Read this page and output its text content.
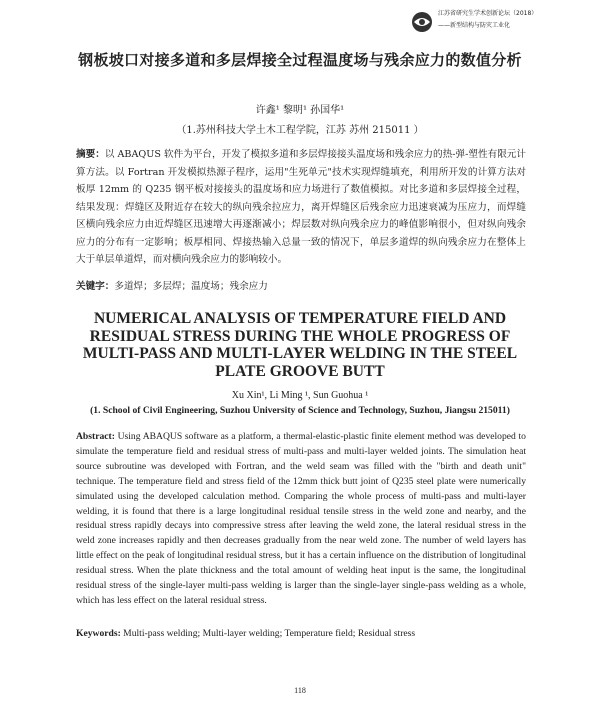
江苏省研究生学术创新论坛（2018）
——新型结构与防灾工业化
钢板坡口对接多道和多层焊接全过程温度场与残余应力的数值分析
许鑫¹ 黎明¹ 孙国华¹
（1.苏州科技大学土木工程学院，江苏 苏州 215011 ）
摘要：以 ABAQUS 软件为平台，开发了模拟多道和多层焊接接头温度场和残余应力的热-弹-塑性有限元计算方法。以 Fortran 开发模拟热源子程序，运用"生死单元"技术实现焊缝填充，利用所开发的计算方法对板厚 12mm 的 Q235 钢平板对接接头的温度场和应力场进行了数值模拟。对比多道和多层焊接全过程，结果发现：焊缝区及附近存在较大的纵向残余拉应力，离开焊缝区后残余应力迅速衰减为压应力，而焊缝区横向残余应力由近焊缝区迅速增大再逐渐减小；焊层数对纵向残余应力的峰值影响很小，但对纵向残余应力的分布有一定影响；板厚相同、焊接热输入总量一致的情况下，单层多道焊的纵向残余应力在整体上大于单层单道焊，而对横向残余应力的影响较小。
关键字：多道焊；多层焊；温度场；残余应力
NUMERICAL ANALYSIS OF TEMPERATURE FIELD AND RESIDUAL STRESS DURING THE WHOLE PROGRESS OF MULTI-PASS AND MULTI-LAYER WELDING IN THE STEEL PLATE GROOVE BUTT
Xu Xin¹, Li Ming ¹, Sun Guohua ¹
(1. School of Civil Engineering, Suzhou University of Science and Technology, Suzhou, Jiangsu 215011)
Abstract: Using ABAQUS software as a platform, a thermal-elastic-plastic finite element method was developed to simulate the temperature field and residual stress of multi-pass and multi-layer welded joints. The simulation heat source subroutine was developed with Fortran, and the weld seam was filled with the "birth and death unit" technique. The temperature field and stress field of the 12mm thick butt joint of Q235 steel plate were numerically simulated using the developed calculation method. Comparing the whole process of multi-pass and multi-layer welding, it is found that there is a large longitudinal residual tensile stress in the weld zone and nearby, and the residual stress rapidly decays into compressive stress after leaving the weld zone, the lateral residual stress in the weld zone increases rapidly and then decreases gradually from the near weld zone. The number of weld layers has little effect on the peak of longitudinal residual stress, but it has a certain influence on the distribution of longitudinal residual stress. When the plate thickness and the total amount of welding heat input is the same, the longitudinal residual stress of the single-layer multi-pass welding is larger than the single-layer single-pass welding as a whole, which has less effect on the lateral residual stress.
Keywords: Multi-pass welding; Multi-layer welding; Temperature field; Residual stress
118
